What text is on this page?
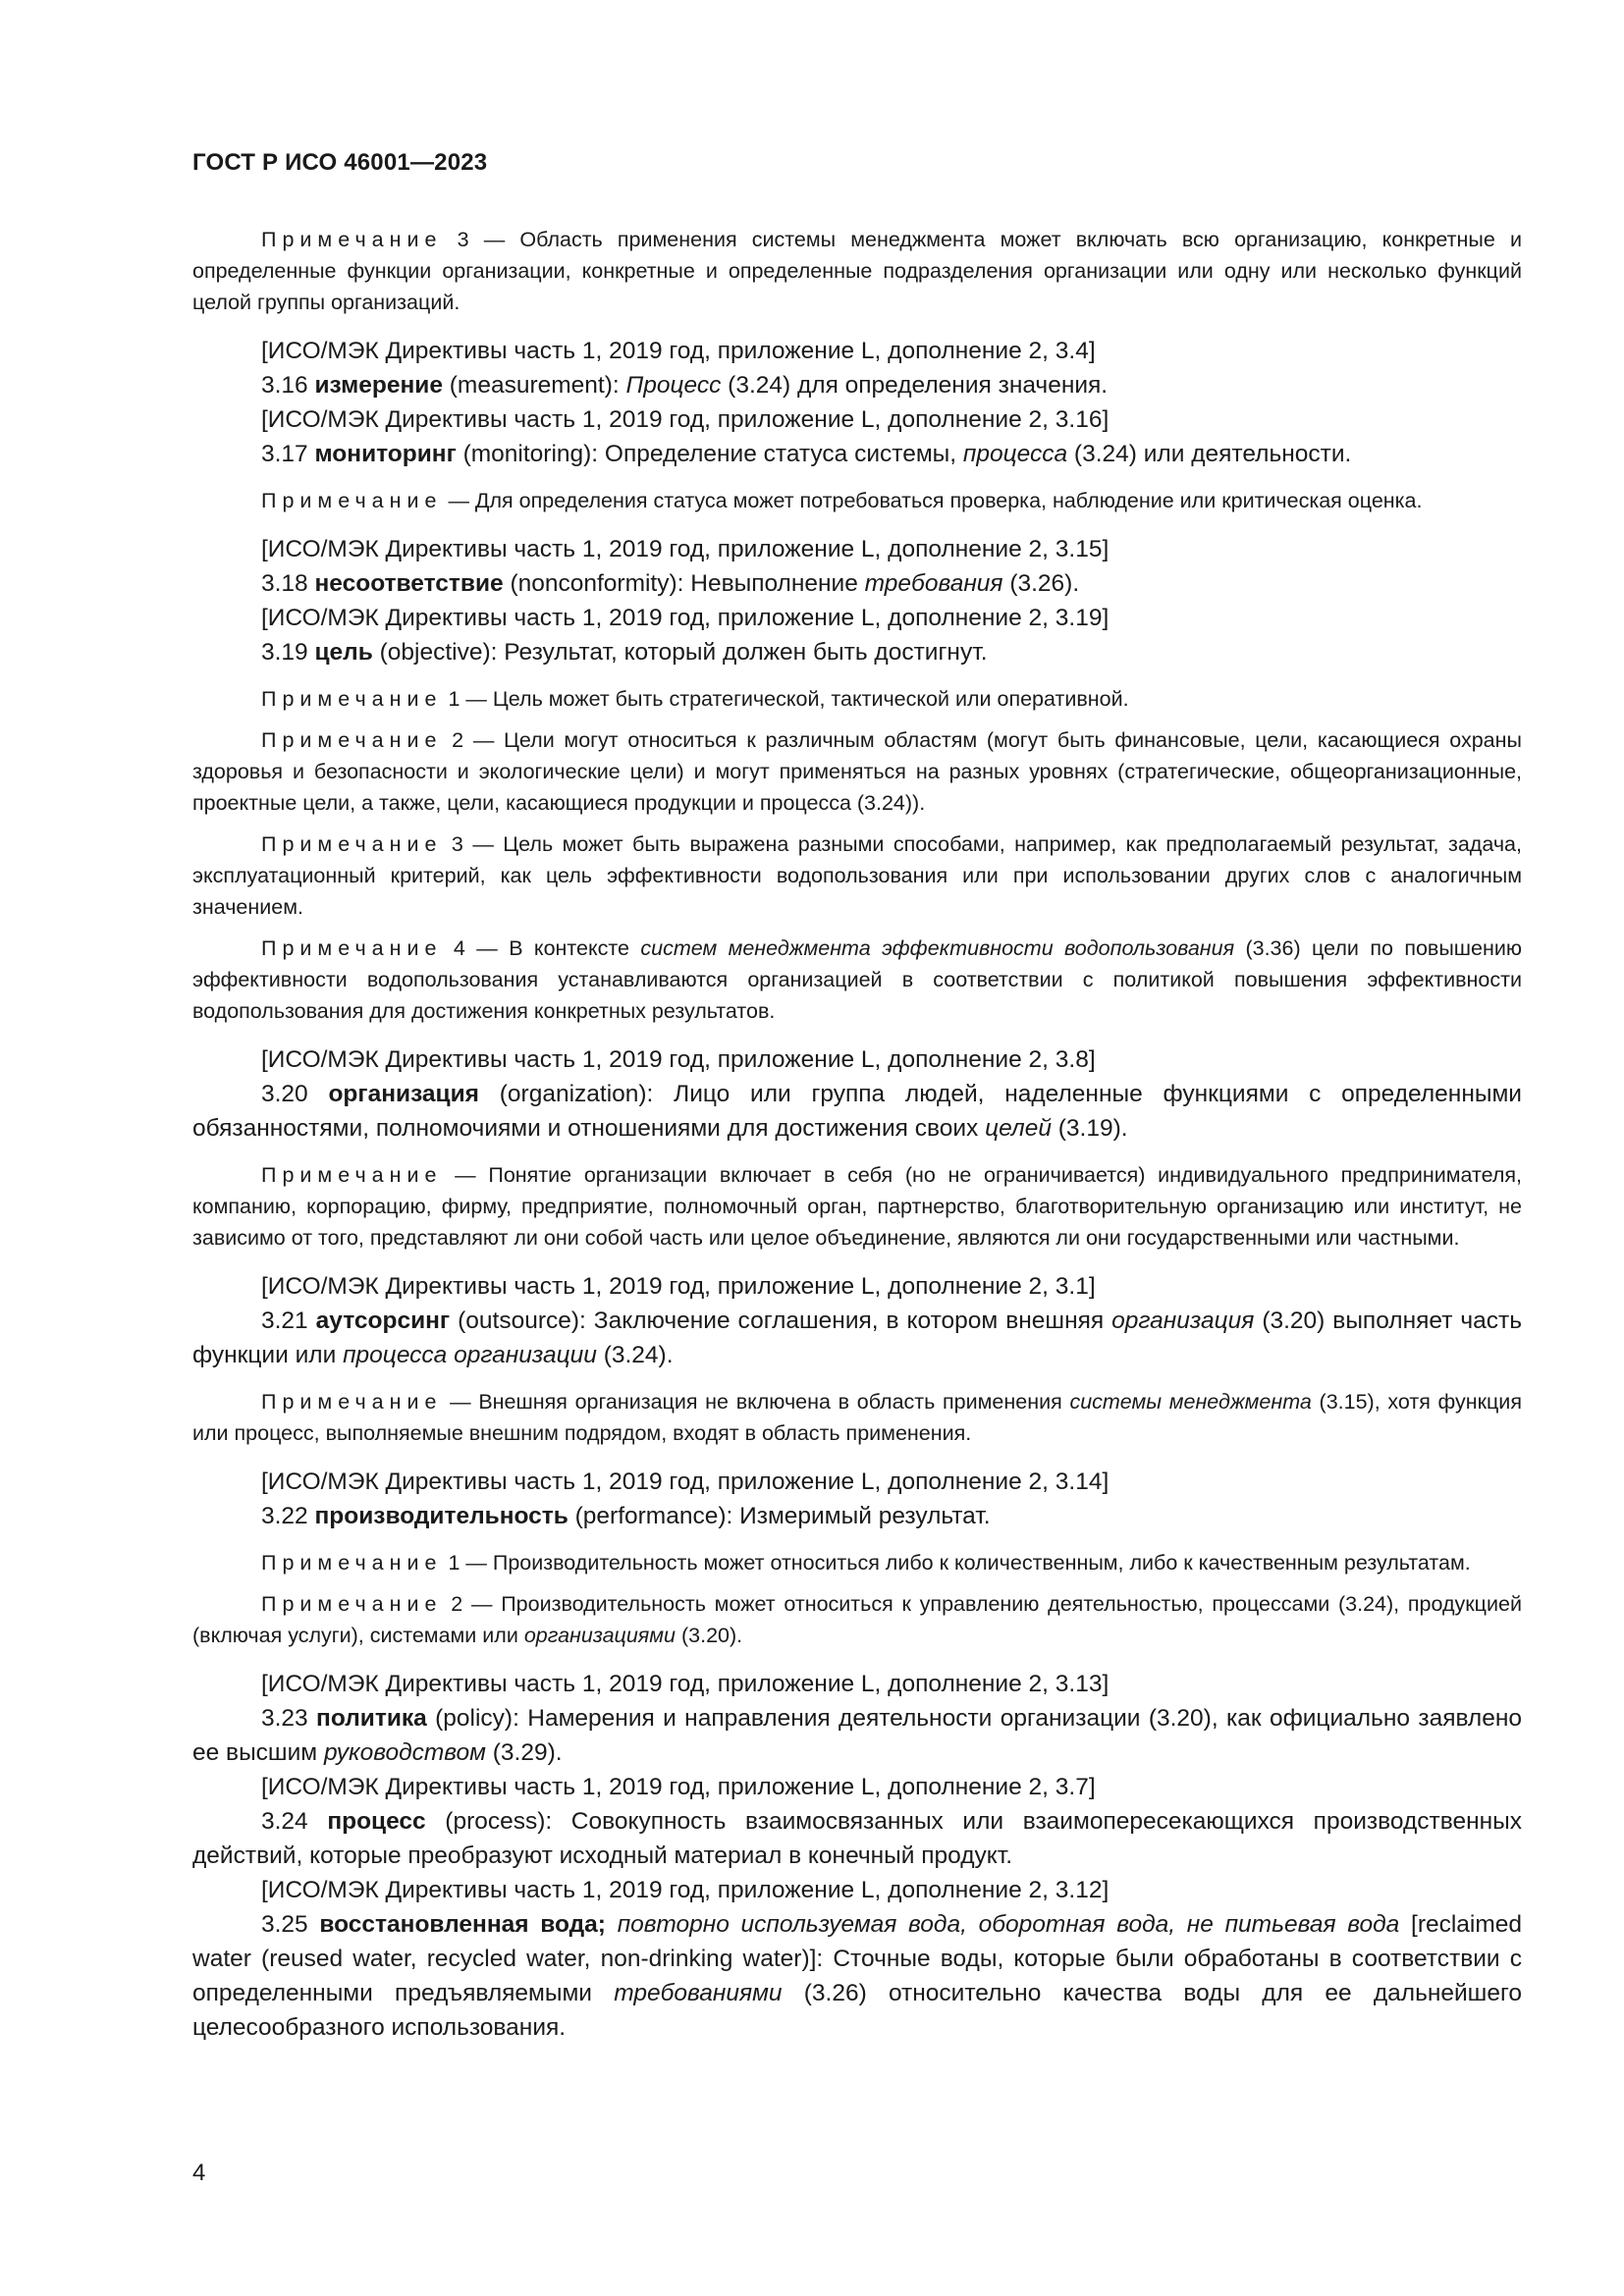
ГОСТ Р ИСО 46001—2023

Примечание 3 — Область применения системы менеджмента может включать всю организацию, конкретные и определенные функции организации, конкретные и определенные подразделения организации или одну или несколько функций целой группы организаций.

[ИСО/МЭК Директивы часть 1, 2019 год, приложение L, дополнение 2, 3.4]

3.16 измерение (measurement): Процесс (3.24) для определения значения.

[ИСО/МЭК Директивы часть 1, 2019 год, приложение L, дополнение 2, 3.16]

3.17 мониторинг (monitoring): Определение статуса системы, процесса (3.24) или деятельности.

Примечание — Для определения статуса может потребоваться проверка, наблюдение или критическая оценка.

[ИСО/МЭК Директивы часть 1, 2019 год, приложение L, дополнение 2, 3.15]

3.18 несоответствие (nonconformity): Невыполнение требования (3.26).

[ИСО/МЭК Директивы часть 1, 2019 год, приложение L, дополнение 2, 3.19]

3.19 цель (objective): Результат, который должен быть достигнут.

Примечание 1 — Цель может быть стратегической, тактической или оперативной.

Примечание 2 — Цели могут относиться к различным областям (могут быть финансовые, цели, касающиеся охраны здоровья и безопасности и экологические цели) и могут применяться на разных уровнях (стратегические, общеорганизационные, проектные цели, а также, цели, касающиеся продукции и процесса (3.24)).

Примечание 3 — Цель может быть выражена разными способами, например, как предполагаемый результат, задача, эксплуатационный критерий, как цель эффективности водопользования или при использовании других слов с аналогичным значением.

Примечание 4 — В контексте систем менеджмента эффективности водопользования (3.36) цели по повышению эффективности водопользования устанавливаются организацией в соответствии с политикой повышения эффективности водопользования для достижения конкретных результатов.

[ИСО/МЭК Директивы часть 1, 2019 год, приложение L, дополнение 2, 3.8]

3.20 организация (organization): Лицо или группа людей, наделенные функциями с определенными обязанностями, полномочиями и отношениями для достижения своих целей (3.19).

Примечание — Понятие организации включает в себя (но не ограничивается) индивидуального предпринимателя, компанию, корпорацию, фирму, предприятие, полномочный орган, партнерство, благотворительную организацию или институт, не зависимо от того, представляют ли они собой часть или целое объединение, являются ли они государственными или частными.

[ИСО/МЭК Директивы часть 1, 2019 год, приложение L, дополнение 2, 3.1]

3.21 аутсорсинг (outsource): Заключение соглашения, в котором внешняя организация (3.20) выполняет часть функции или процесса организации (3.24).

Примечание — Внешняя организация не включена в область применения системы менеджмента (3.15), хотя функция или процесс, выполняемые внешним подрядом, входят в область применения.

[ИСО/МЭК Директивы часть 1, 2019 год, приложение L, дополнение 2, 3.14]

3.22 производительность (performance): Измеримый результат.

Примечание 1 — Производительность может относиться либо к количественным, либо к качественным результатам.

Примечание 2 — Производительность может относиться к управлению деятельностью, процессами (3.24), продукцией (включая услуги), системами или организациями (3.20).

[ИСО/МЭК Директивы часть 1, 2019 год, приложение L, дополнение 2, 3.13]

3.23 политика (policy): Намерения и направления деятельности организации (3.20), как официально заявлено ее высшим руководством (3.29).

[ИСО/МЭК Директивы часть 1, 2019 год, приложение L, дополнение 2, 3.7]

3.24 процесс (process): Совокупность взаимосвязанных или взаимопересекающихся производственных действий, которые преобразуют исходный материал в конечный продукт.

[ИСО/МЭК Директивы часть 1, 2019 год, приложение L, дополнение 2, 3.12]

3.25 восстановленная вода; повторно используемая вода, оборотная вода, не питьевая вода [reclaimed water (reused water, recycled water, non-drinking water)]: Сточные воды, которые были обработаны в соответствии с определенными предъявляемыми требованиями (3.26) относительно качества воды для ее дальнейшего целесообразного использования.

4
